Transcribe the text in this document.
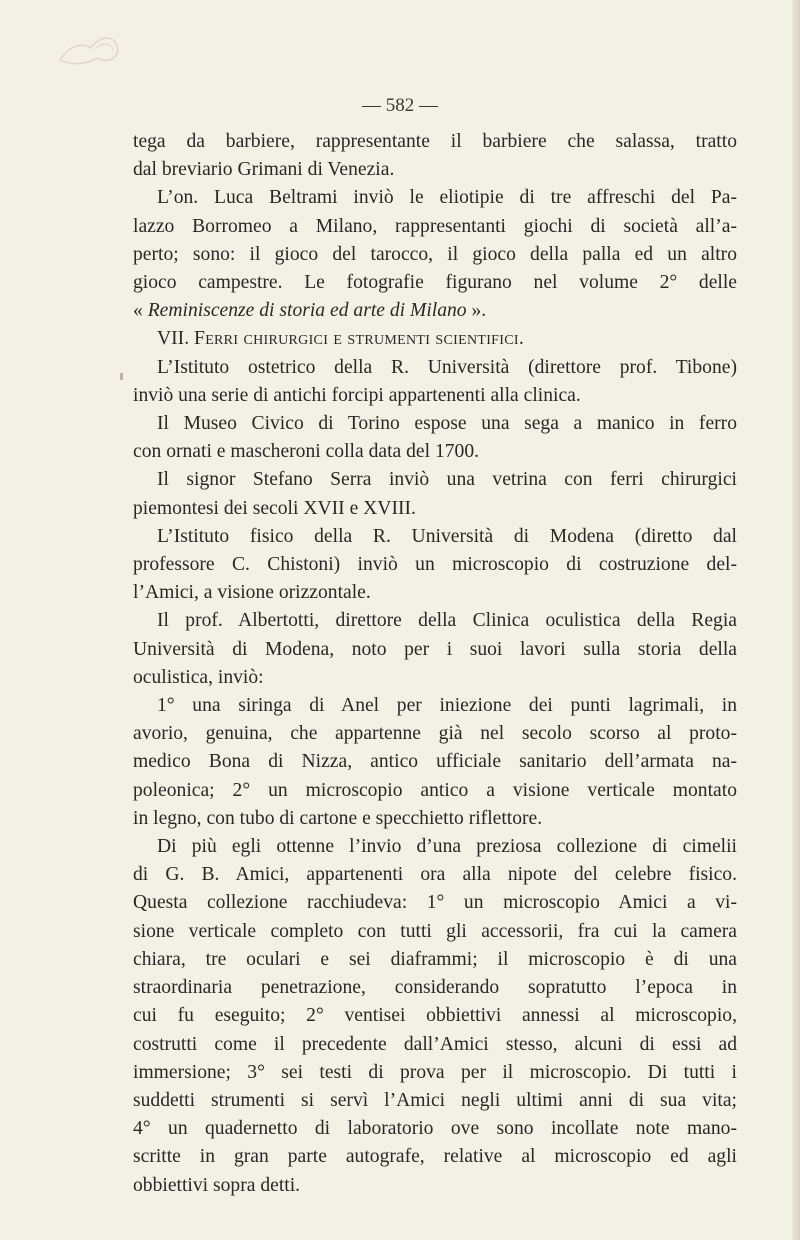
— 582 —
tega da barbiere, rappresentante il barbiere che salassa, tratto
dal breviario Grimani di Venezia.
L’on. Luca Beltrami inviò le eliotipie di tre affreschi del Pa-
lazzo Borromeo a Milano, rappresentanti giochi di società all’a-
perto; sono: il gioco del tarocco, il gioco della palla ed un altro
gioco campestre. Le fotografie figurano nel volume 2° delle
« Reminiscenze di storia ed arte di Milano ».
VII. Ferri chirurgici e strumenti scientifici.
L’Istituto ostetrico della R. Università (direttore prof. Tibone)
inviò una serie di antichi forcipi appartenenti alla clinica.
Il Museo Civico di Torino espose una sega a manico in ferro
con ornati e mascheroni colla data del 1700.
Il signor Stefano Serra inviò una vetrina con ferri chirurgici
piemontesi dei secoli XVII e XVIII.
L’Istituto fisico della R. Università di Modena (diretto dal
professore C. Chistoni) inviò un microscopio di costruzione del-
l’Amici, a visione orizzontale.
Il prof. Albertotti, direttore della Clinica oculistica della Regia
Università di Modena, noto per i suoi lavori sulla storia della
oculistica, inviò:
1° una siringa di Anel per iniezione dei punti lagrimali, in
avorio, genuina, che appartenne già nel secolo scorso al proto-
medico Bona di Nizza, antico ufficiale sanitario dell’armata na-
poleonica; 2° un microscopio antico a visione verticale montato
in legno, con tubo di cartone e specchietto riflettore.
Di più egli ottenne l’invio d’una preziosa collezione di cimelii
di G. B. Amici, appartenenti ora alla nipote del celebre fisico.
Questa collezione racchiudeva: 1° un microscopio Amici a vi-
sione verticale completo con tutti gli accessorii, fra cui la camera
chiara, tre oculari e sei diaframmi; il microscopio è di una
straordinaria penetrazione, considerando sopratutto l’epoca in
cui fu eseguito; 2° ventisei obbiettivi annessi al microscopio,
costrutti come il precedente dall’Amici stesso, alcuni di essi ad
immersione; 3° sei testi di prova per il microscopio. Di tutti i
suddetti strumenti si servì l’Amici negli ultimi anni di sua vita;
4° un quadernetto di laboratorio ove sono incollate note mano-
scritte in gran parte autografe, relative al microscopio ed agli
obbiettivi sopra detti.
